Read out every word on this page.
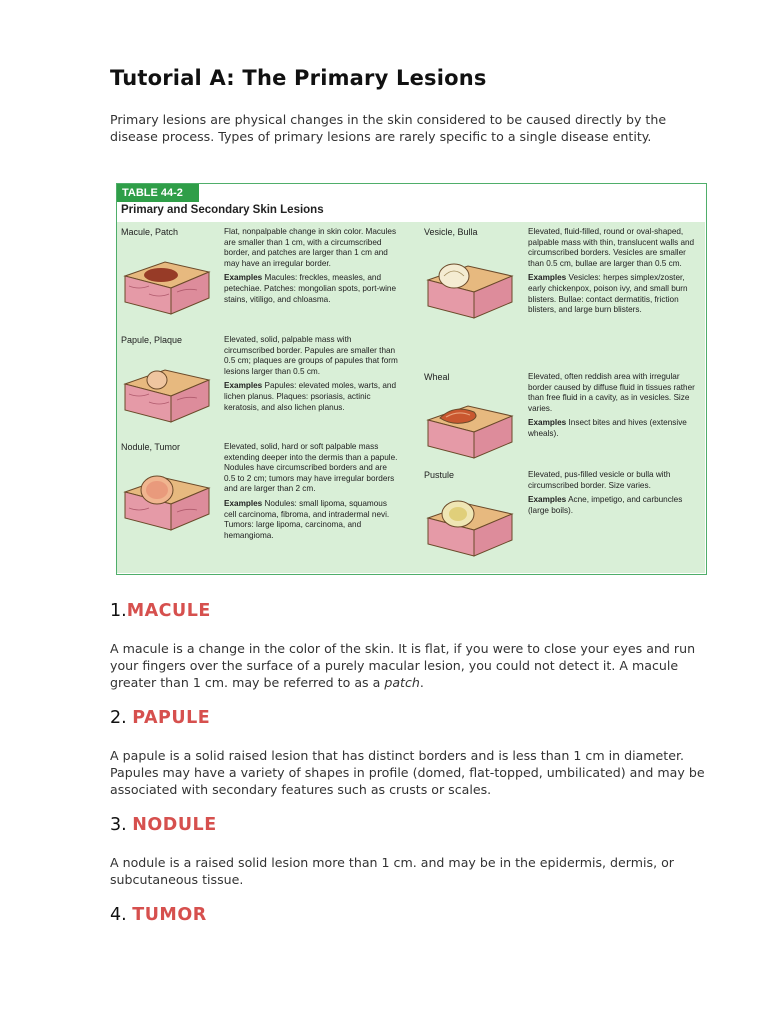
Tutorial A: The Primary Lesions

Primary lesions are physical changes in the skin considered to be caused directly by the disease process. Types of primary lesions are rarely specific to a single disease entity.

TABLE 44-2
Primary and Secondary Skin Lesions
Macule, Patch	Flat, nonpalpable change in skin color. Macules are smaller than 1 cm, with a circumscribed border, and patches are larger than 1 cm and may have an irregular border.

Examples Macules: freckles, measles, and petechiae. Patches: mongolian spots, port-wine stains, vitiligo, and chloasma.

Papule, Plaque	Elevated, solid, palpable mass with circumscribed border. Papules are smaller than 0.5 cm; plaques are groups of papules that form lesions larger than 0.5 cm.

Examples Papules: elevated moles, warts, and lichen planus. Plaques: psoriasis, actinic keratosis, and also lichen planus.

Nodule, Tumor	Elevated, solid, hard or soft palpable mass extending deeper into the dermis than a papule. Nodules have circumscribed borders and are 0.5 to 2 cm; tumors may have irregular borders and are larger than 2 cm.

Examples Nodules: small lipoma, squamous cell carcinoma, fibroma, and intradermal nevi. Tumors: large lipoma, carcinoma, and hemangioma.

Vesicle, Bulla	Elevated, fluid-filled, round or oval-shaped, palpable mass with thin, translucent walls and circumscribed borders. Vesicles are smaller than 0.5 cm, bullae are larger than 0.5 cm.

Examples Vesicles: herpes simplex/zoster, early chickenpox, poison ivy, and small burn blisters. Bullae: contact dermatitis, friction blisters, and large burn blisters.

Wheal	Elevated, often reddish area with irregular border caused by diffuse fluid in tissues rather than free fluid in a cavity, as in vesicles. Size varies.

Examples Insect bites and hives (extensive wheals).

Pustule	Elevated, pus-filled vesicle or bulla with circumscribed border. Size varies.

Examples Acne, impetigo, and carbuncles (large boils).

1.MACULE

A macule is a change in the color of the skin. It is flat, if you were to close your eyes and run your fingers over the surface of a purely macular lesion, you could not detect it. A macule greater than 1 cm. may be referred to as a patch.

2. PAPULE

A papule is a solid raised lesion that has distinct borders and is less than 1 cm in diameter. Papules may have a variety of shapes in profile (domed, flat-topped, umbilicated) and may be associated with secondary features such as crusts or scales.

3. NODULE

A nodule is a raised solid lesion more than 1 cm. and may be in the epidermis, dermis, or subcutaneous tissue.

4. TUMOR
